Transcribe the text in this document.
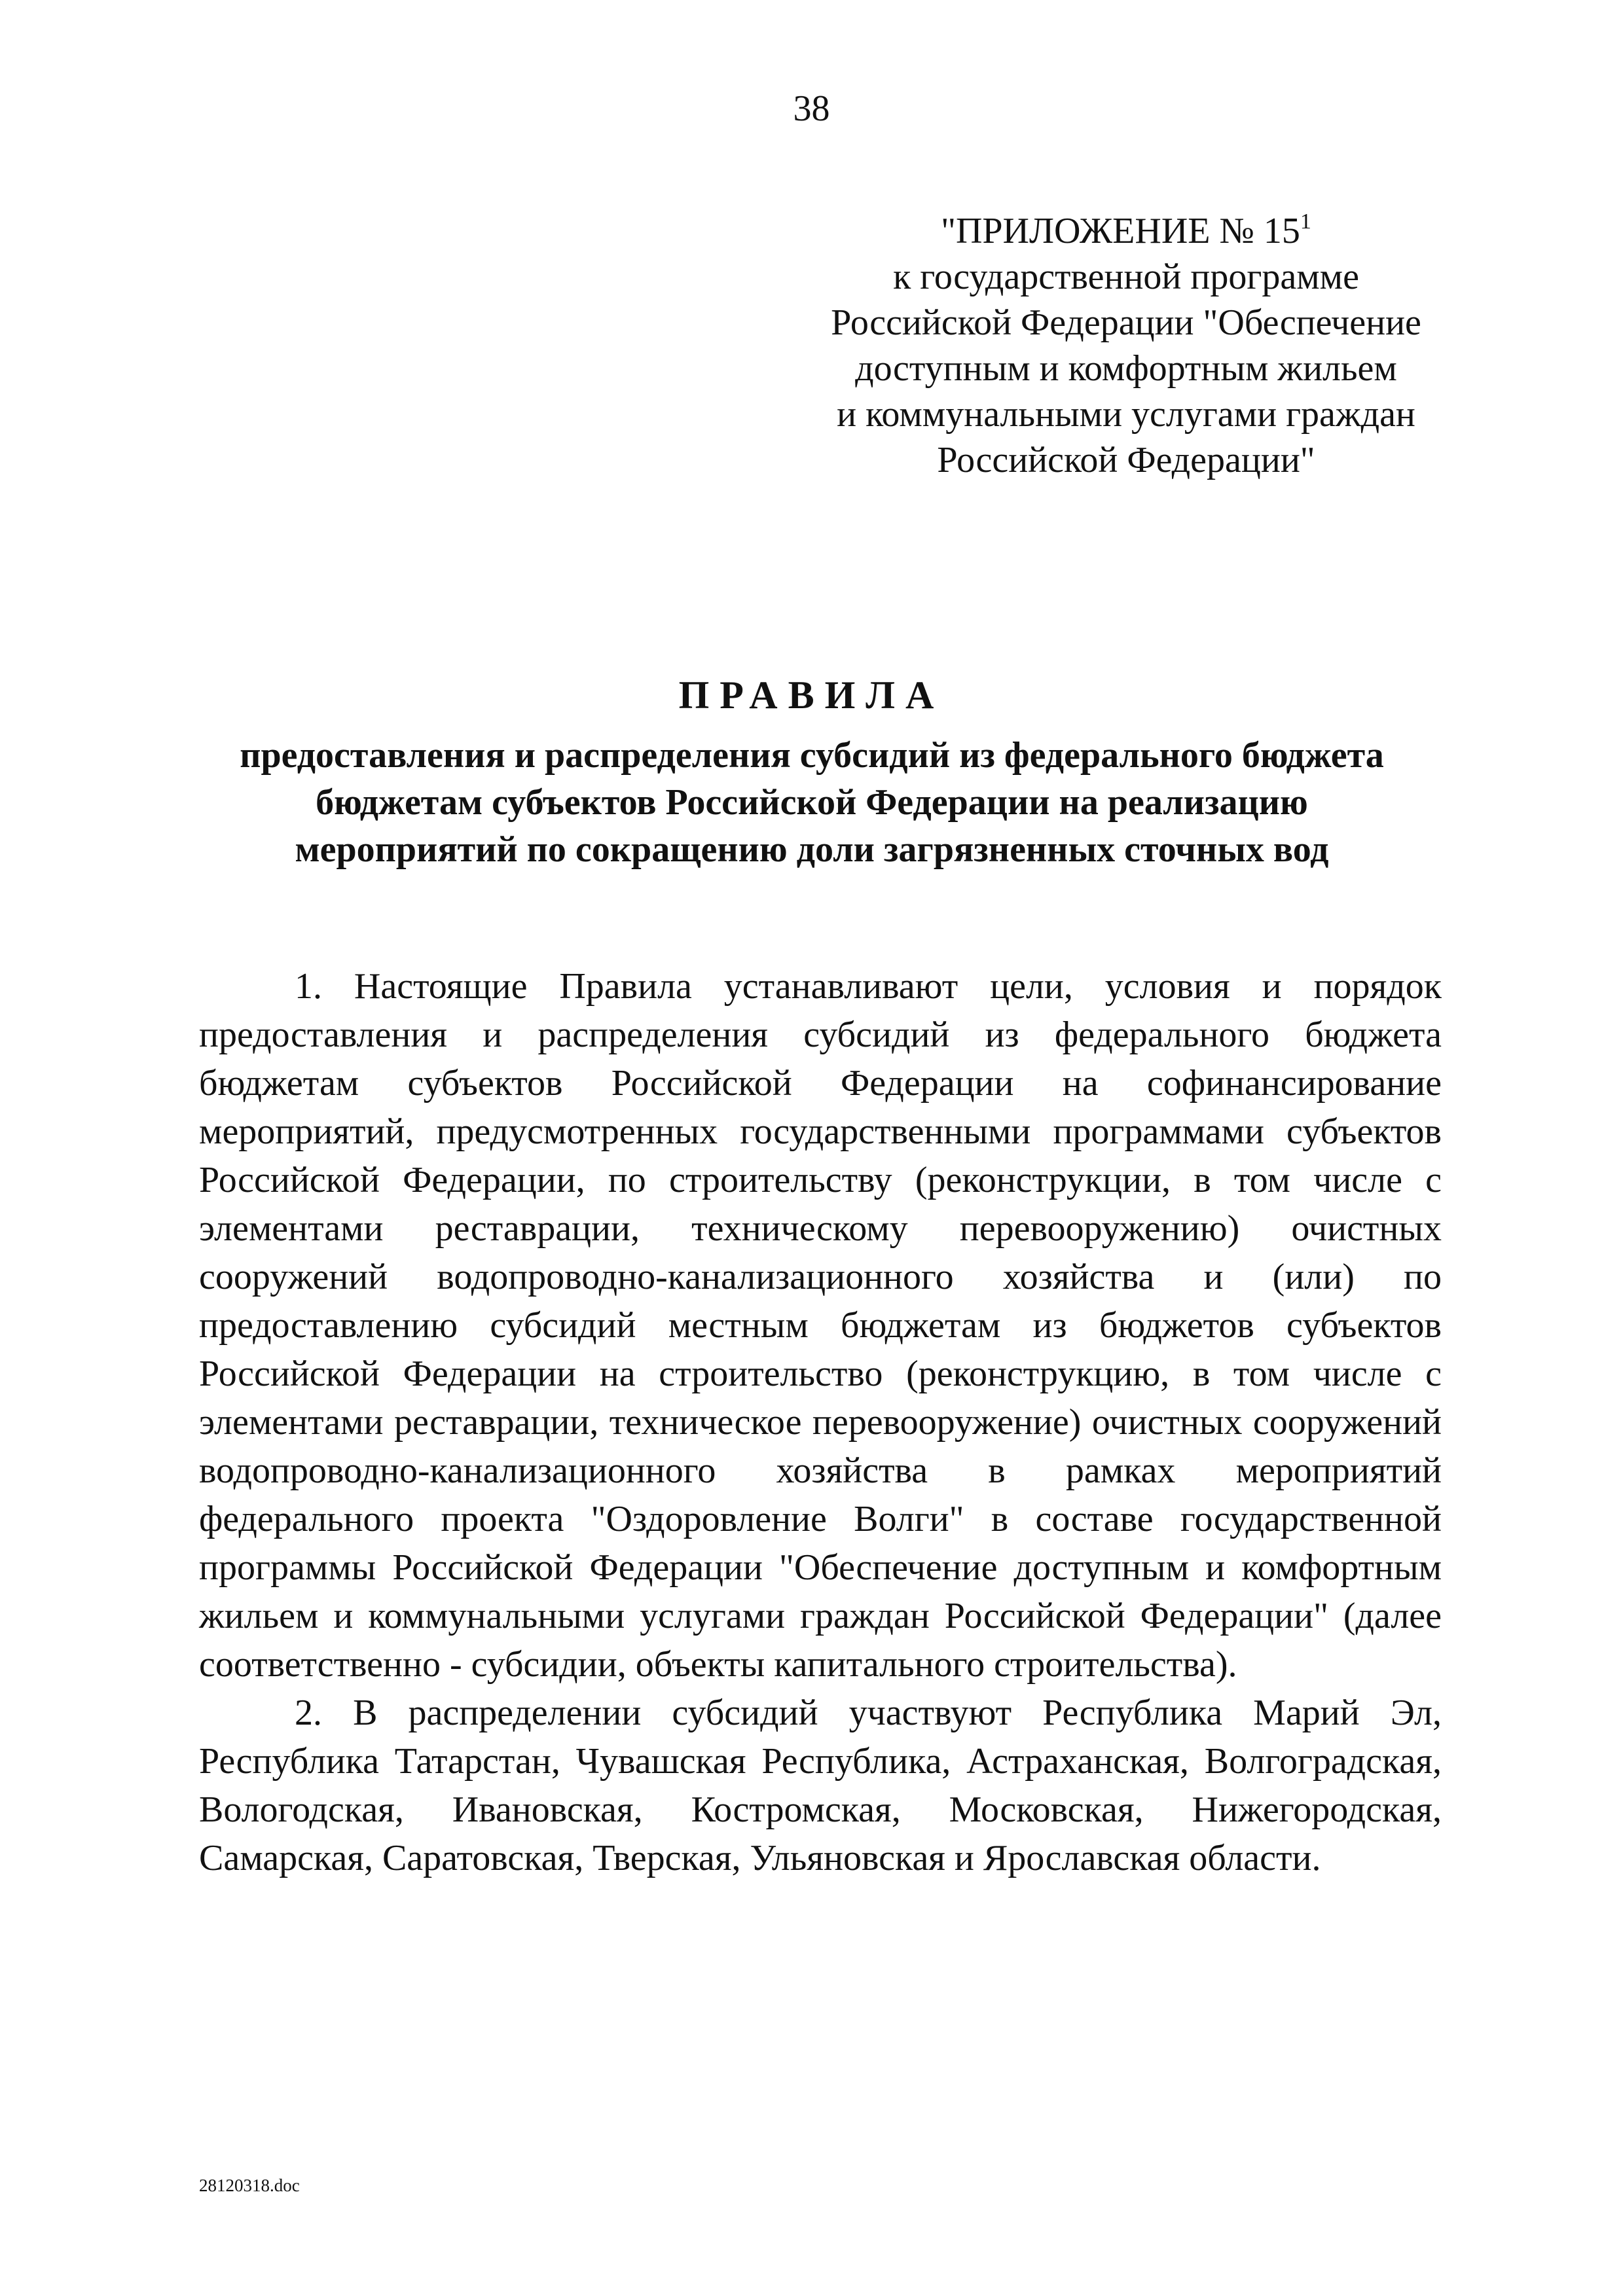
38
"ПРИЛОЖЕНИЕ № $15^1$
к государственной программе
Российской Федерации "Обеспечение
доступным и комфортным жильем
и коммунальными услугами граждан
Российской Федерации"
ПРАВИЛА
предоставления и распределения субсидий из федерального бюджета
бюджетам субъектов Российской Федерации на реализацию
мероприятий по сокращению доли загрязненных сточных вод

1. Настоящие Правила устанавливают цели, условия и порядок предоставления и распределения субсидий из федерального бюджета бюджетам субъектов Российской Федерации на софинансирование мероприятий, предусмотренных государственными программами субъектов Российской Федерации, по строительству (реконструкции, в том числе с элементами реставрации, техническому перевооружению) очистных сооружений водопроводно-канализационного хозяйства и (или) по предоставлению субсидий местным бюджетам из бюджетов субъектов Российской Федерации на строительство (реконструкцию, в том числе с элементами реставрации, техническое перевооружение) очистных сооружений водопроводно-канализационного хозяйства в рамках мероприятий федерального проекта "Оздоровление Волги" в составе государственной программы Российской Федерации "Обеспечение доступным и комфортным жильем и коммунальными услугами граждан Российской Федерации" (далее соответственно - субсидии, объекты капитального строительства).

2. В распределении субсидий участвуют Республика Марий Эл, Республика Татарстан, Чувашская Республика, Астраханская, Волгоградская, Вологодская, Ивановская, Костромская, Московская, Нижегородская, Самарская, Саратовская, Тверская, Ульяновская и Ярославская области.

28120318.doc
